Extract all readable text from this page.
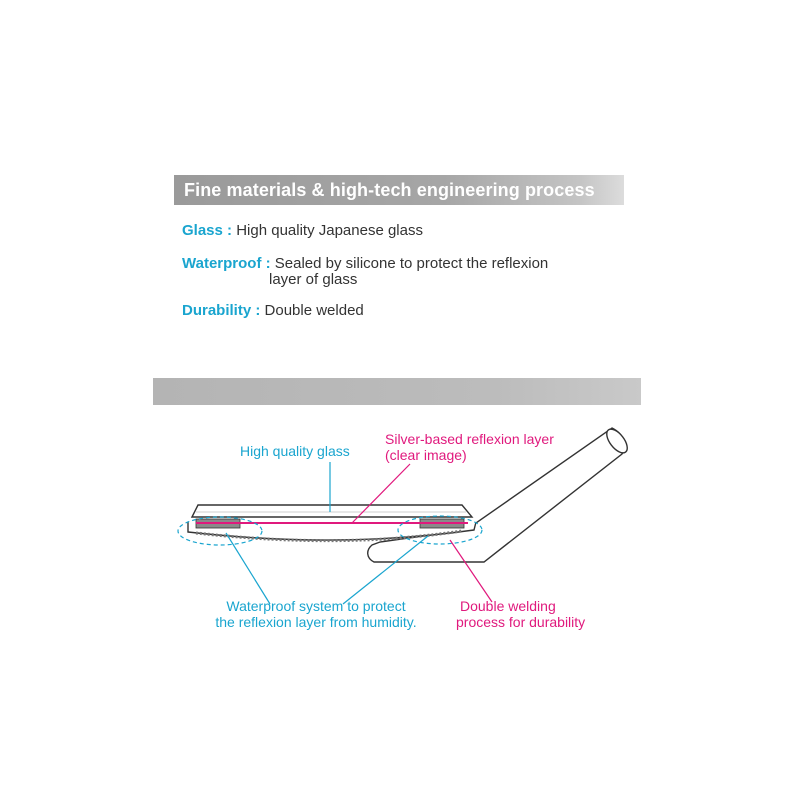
Fine materials & high-tech engineering process
Glass : High quality Japanese glass
Waterproof : Sealed by silicone to protect the reflexion
layer of glass
Durability : Double welded
High quality glass
Silver-based reflexion layer
(clear image)
Waterproof system to protect
the reflexion layer from humidity.
Double welding
process for durability
